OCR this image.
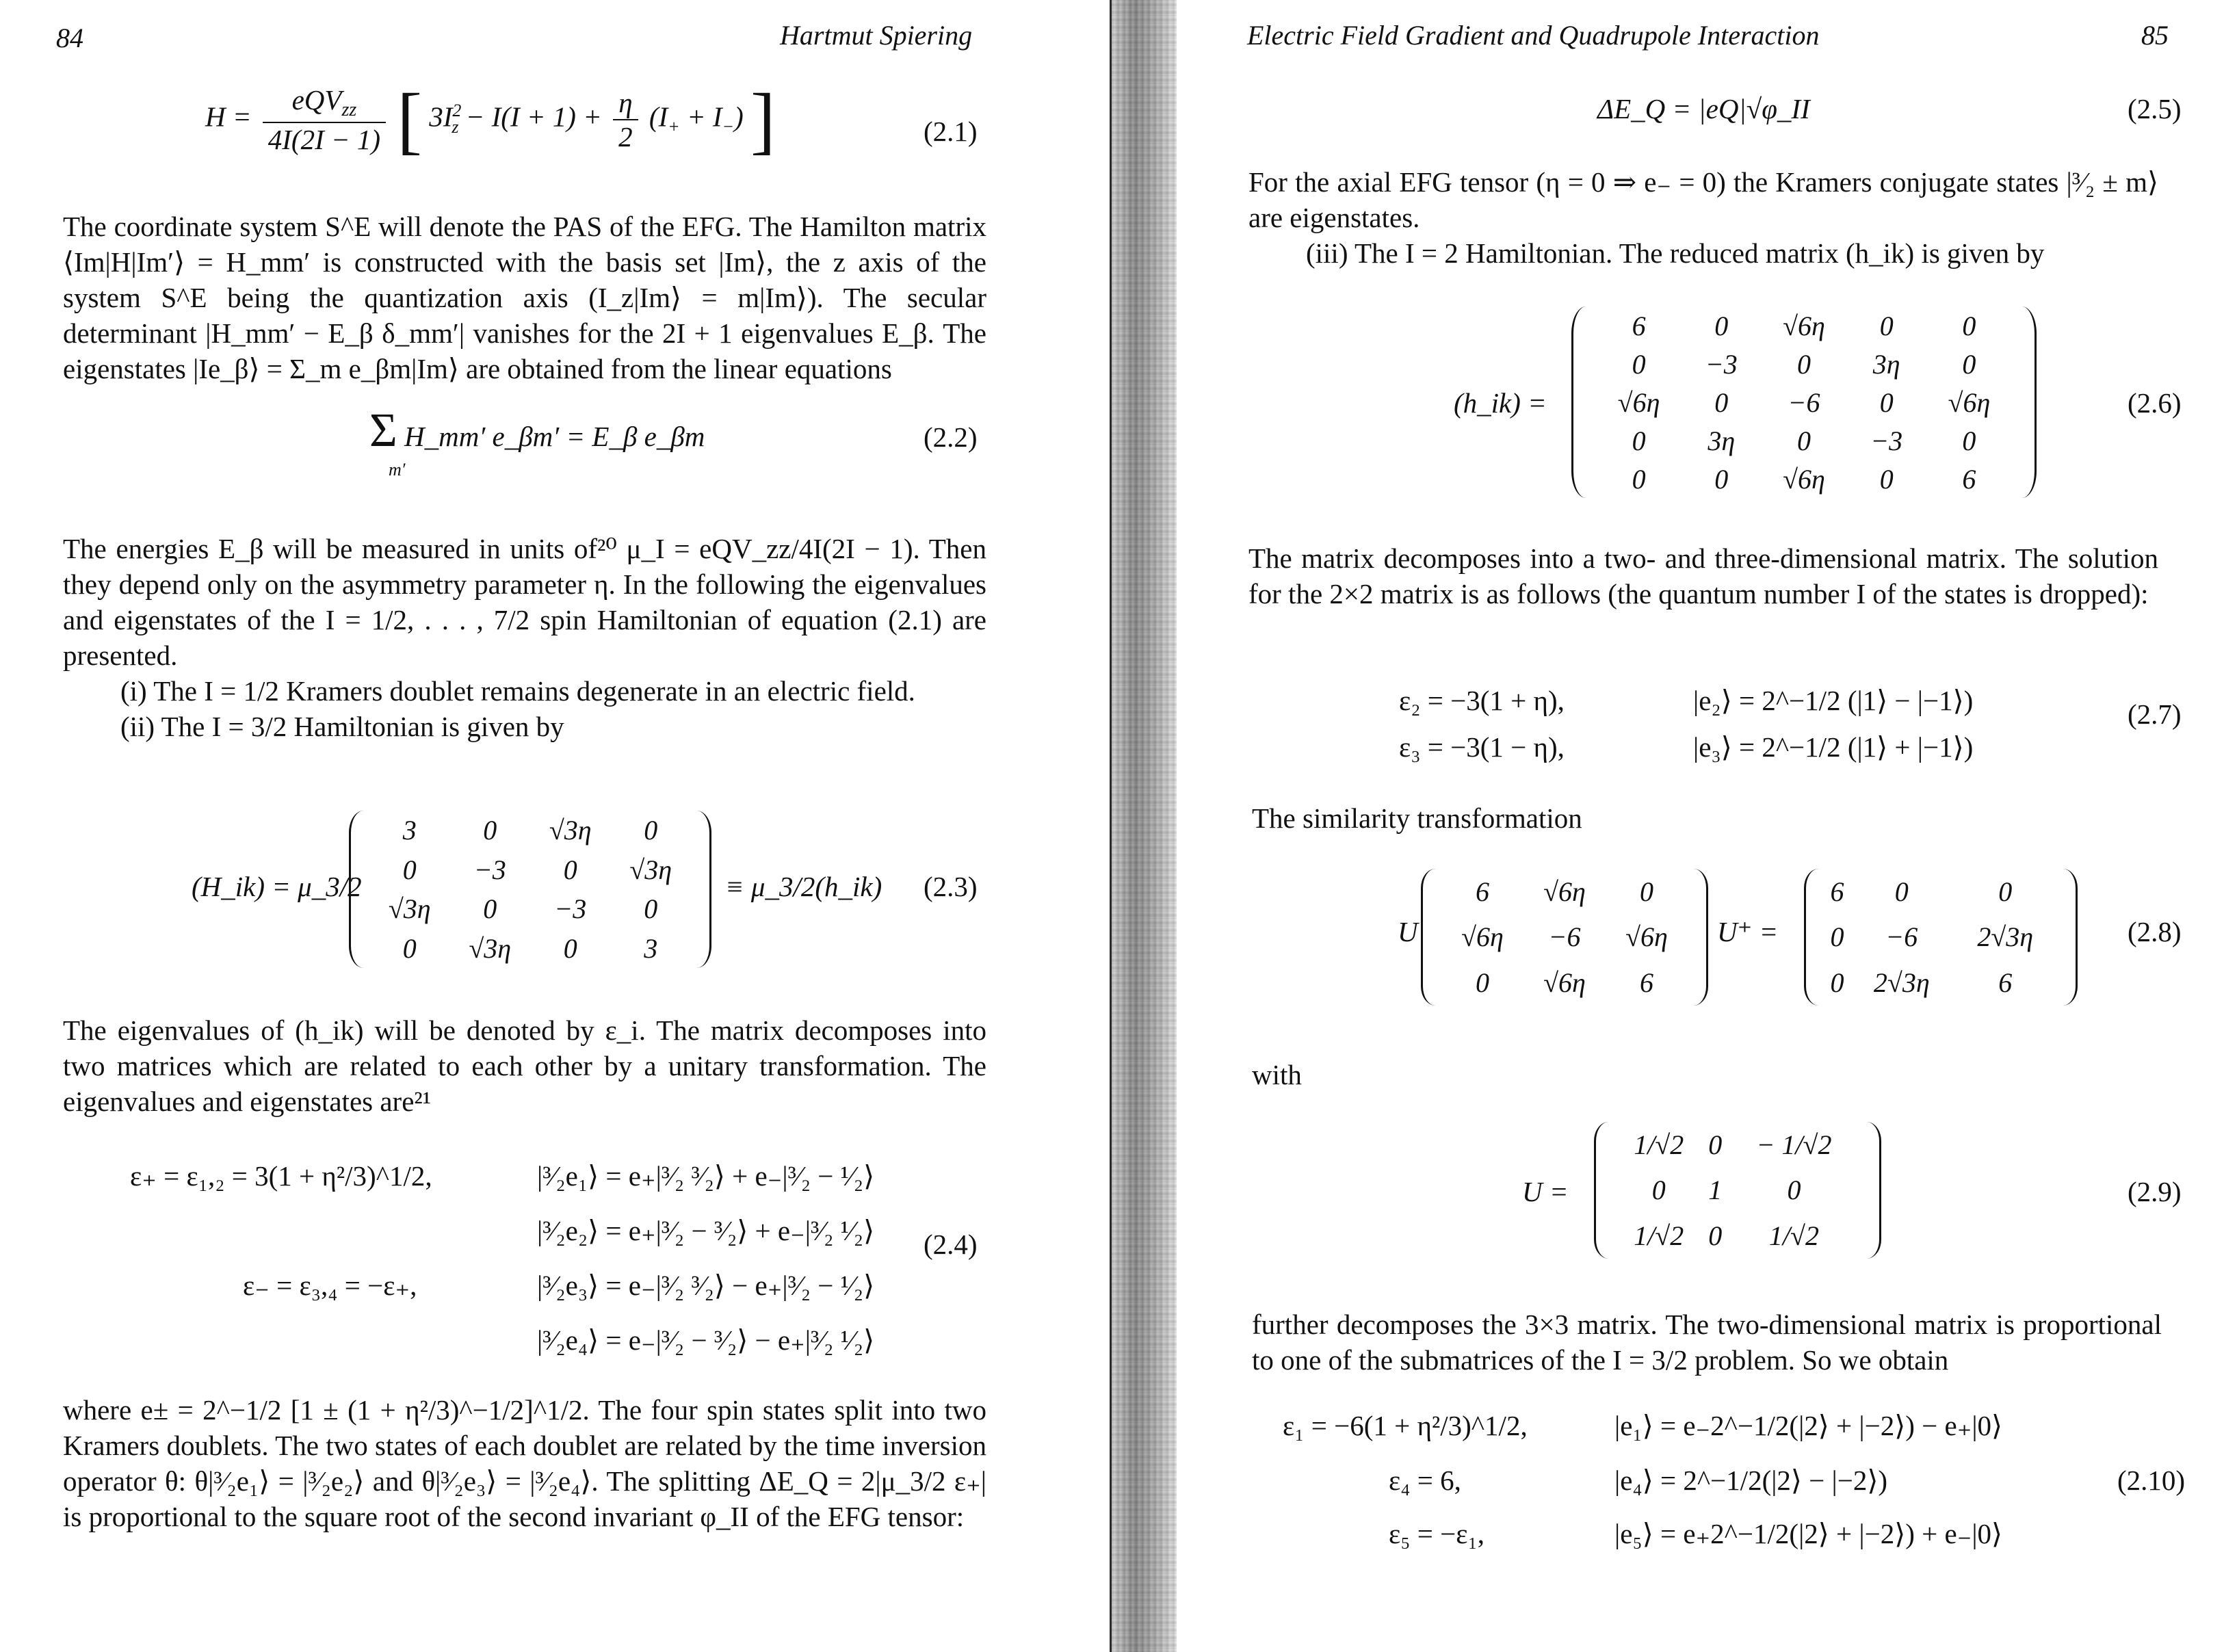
84	Hartmut Spiering
$H = \frac{eQV_{zz}}{4I(2I - 1)}$ [ $3I^2_z - I(I + 1) + \frac{\eta}{2} (I_+ + I_-)$ ]	(2.1)

The coordinate system S^E will denote the PAS of the EFG. The Hamilton matrix ⟨Im|H|Im′⟩ = H_mm′ is constructed with the basis set |Im⟩, the z axis of the system S^E being the quantization axis (I_z|Im⟩ = m|Im⟩). The secular determinant |H_mm′ − E_β δ_mm′| vanishes for the 2I + 1 eigenvalues E_β. The eigenstates |Ie_β⟩ = Σ_m e_βm|Im⟩ are obtained from the linear equations

Σ H_mm′ e_βm′ = E_β e_βm
m′
(2.2)

The energies E_β will be measured in units of²⁰ μ_I = eQV_zz/4I(2I − 1). Then they depend only on the asymmetry parameter η. In the following the eigenvalues and eigenstates of the I = 1/2, . . . , 7/2 spin Hamiltonian of equation (2.1) are presented.

(i) The I = 1/2 Kramers doublet remains degenerate in an electric field.

(ii) The I = 3/2 Hamiltonian is given by

(H_ik) = μ_3/2
3	0	√3η	0
0	−3	0	√3η
√3η	0	−3	0
0	√3η	0	3
≡ μ_3/2(h_ik) (2.3)

The eigenvalues of (h_ik) will be denoted by ε_i. The matrix decomposes into two matrices which are related to each other by a unitary transformation. The eigenvalues and eigenstates are²¹

ε₊ = ε₁,₂ = 3(1 + η²/3)^1/2,	|³⁄₂e₁⟩ = e₊|³⁄₂ ³⁄₂⟩ + e₋|³⁄₂ − ¹⁄₂⟩
|³⁄₂e₂⟩ = e₊|³⁄₂ − ³⁄₂⟩ + e₋|³⁄₂ ¹⁄₂⟩
ε₋ = ε₃,₄ = −ε₊,	|³⁄₂e₃⟩ = e₋|³⁄₂ ³⁄₂⟩ − e₊|³⁄₂ − ¹⁄₂⟩
|³⁄₂e₄⟩ = e₋|³⁄₂ − ³⁄₂⟩ − e₊|³⁄₂ ¹⁄₂⟩
(2.4)

where e± = 2^−1/2 [1 ± (1 + η²/3)^−1/2]^1/2. The four spin states split into two Kramers doublets. The two states of each doublet are related by the time inversion operator θ: θ|³⁄₂e₁⟩ = |³⁄₂e₂⟩ and θ|³⁄₂e₃⟩ = |³⁄₂e₄⟩. The splitting ΔE_Q = 2|μ_3/2 ε₊| is proportional to the square root of the second invariant φ_II of the EFG tensor:

Electric Field Gradient and Quadrupole Interaction	85
ΔE_Q = |eQ|√φ_II	(2.5)

For the axial EFG tensor (η = 0 ⇒ e₋ = 0) the Kramers conjugate states |³⁄₂ ± m⟩ are eigenstates.

(iii) The I = 2 Hamiltonian. The reduced matrix (h_ik) is given by

(h_ik) =
6	0	√6η	0	0
0	−3	0	3η	0
√6η	0	−6	0	√6η
0	3η	0	−3	0
0	0	√6η	0	6
(2.6)

The matrix decomposes into a two- and three-dimensional matrix. The solution for the 2×2 matrix is as follows (the quantum number I of the states is dropped):

ε₂ = −3(1 + η),	|e₂⟩ = 2^−1/2 (|1⟩ − |−1⟩)
ε₃ = −3(1 − η),	|e₃⟩ = 2^−1/2 (|1⟩ + |−1⟩)
(2.7)

The similarity transformation

U
6	√6η	0
√6η	−6	√6η
0	√6η	6
U⁺ =
6	0	0
0	−6	2√3η
0	2√3η	6
(2.8)

with

U =
1/√2	0	− 1/√2
0	1	0
1/√2	0	1/√2
(2.9)

further decomposes the 3×3 matrix. The two-dimensional matrix is proportional to one of the submatrices of the I = 3/2 problem. So we obtain

ε₁ = −6(1 + η²/3)^1/2,	|e₁⟩ = e₋2^−1/2(|2⟩ + |−2⟩) − e₊|0⟩
ε₄ = 6,	|e₄⟩ = 2^−1/2(|2⟩ − |−2⟩)
ε₅ = −ε₁,	|e₅⟩ = e₊2^−1/2(|2⟩ + |−2⟩) + e₋|0⟩
(2.10)
